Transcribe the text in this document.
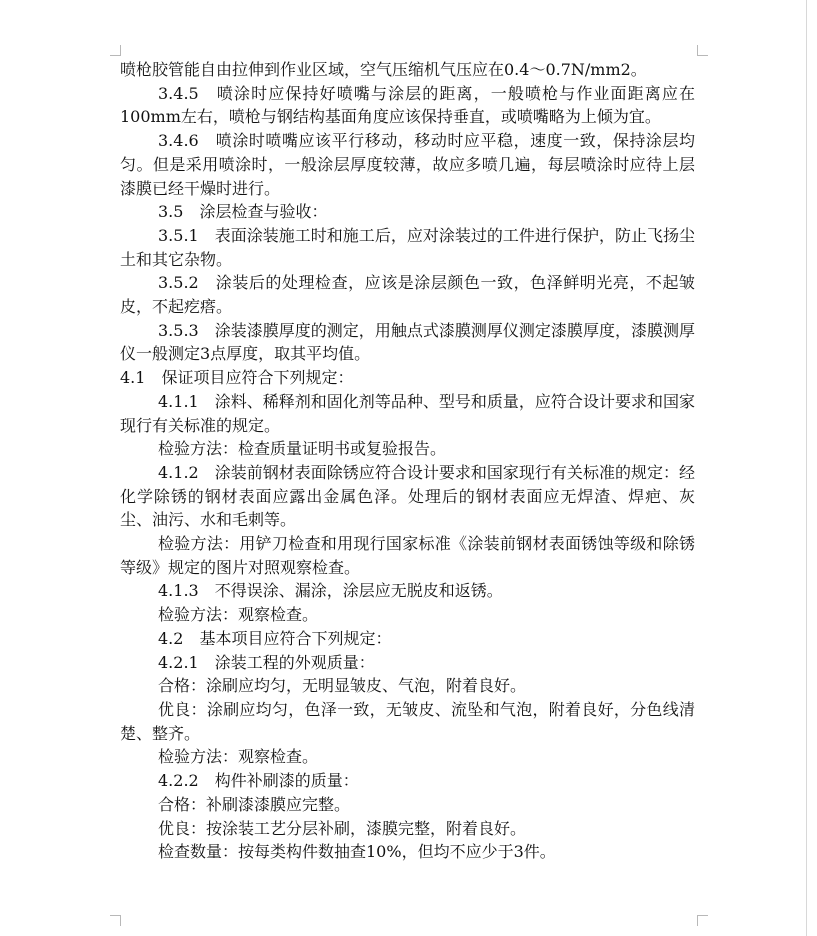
喷枪胶管能自由拉伸到作业区域，空气压缩机气压应在0.4～0.7N/mm2。

3.4.5　喷涂时应保持好喷嘴与涂层的距离，一般喷枪与作业面距离应在100mm左右，喷枪与钢结构基面角度应该保持垂直，或喷嘴略为上倾为宜。

3.4.6　喷涂时喷嘴应该平行移动，移动时应平稳，速度一致，保持涂层均匀。但是采用喷涂时，一般涂层厚度较薄，故应多喷几遍，每层喷涂时应待上层漆膜已经干燥时进行。

3.5　涂层检查与验收：

3.5.1　表面涂装施工时和施工后，应对涂装过的工件进行保护，防止飞扬尘土和其它杂物。

3.5.2　涂装后的处理检查，应该是涂层颜色一致，色泽鲜明光亮，不起皱皮，不起疙瘩。

3.5.3　涂装漆膜厚度的测定，用触点式漆膜测厚仪测定漆膜厚度，漆膜测厚仪一般测定3点厚度，取其平均值。

4.1　保证项目应符合下列规定：

4.1.1　涂料、稀释剂和固化剂等品种、型号和质量，应符合设计要求和国家现行有关标准的规定。

检验方法：检查质量证明书或复验报告。

4.1.2　涂装前钢材表面除锈应符合设计要求和国家现行有关标准的规定：经化学除锈的钢材表面应露出金属色泽。处理后的钢材表面应无焊渣、焊疤、灰尘、油污、水和毛刺等。

检验方法：用铲刀检查和用现行国家标准《涂装前钢材表面锈蚀等级和除锈等级》规定的图片对照观察检查。

4.1.3　不得误涂、漏涂，涂层应无脱皮和返锈。

检验方法：观察检查。

4.2　基本项目应符合下列规定：

4.2.1　涂装工程的外观质量：

合格：涂刷应均匀，无明显皱皮、气泡，附着良好。

优良：涂刷应均匀，色泽一致，无皱皮、流坠和气泡，附着良好，分色线清楚、整齐。

检验方法：观察检查。

4.2.2　构件补刷漆的质量：

合格：补刷漆漆膜应完整。

优良：按涂装工艺分层补刷，漆膜完整，附着良好。

检查数量：按每类构件数抽查10%，但均不应少于3件。
